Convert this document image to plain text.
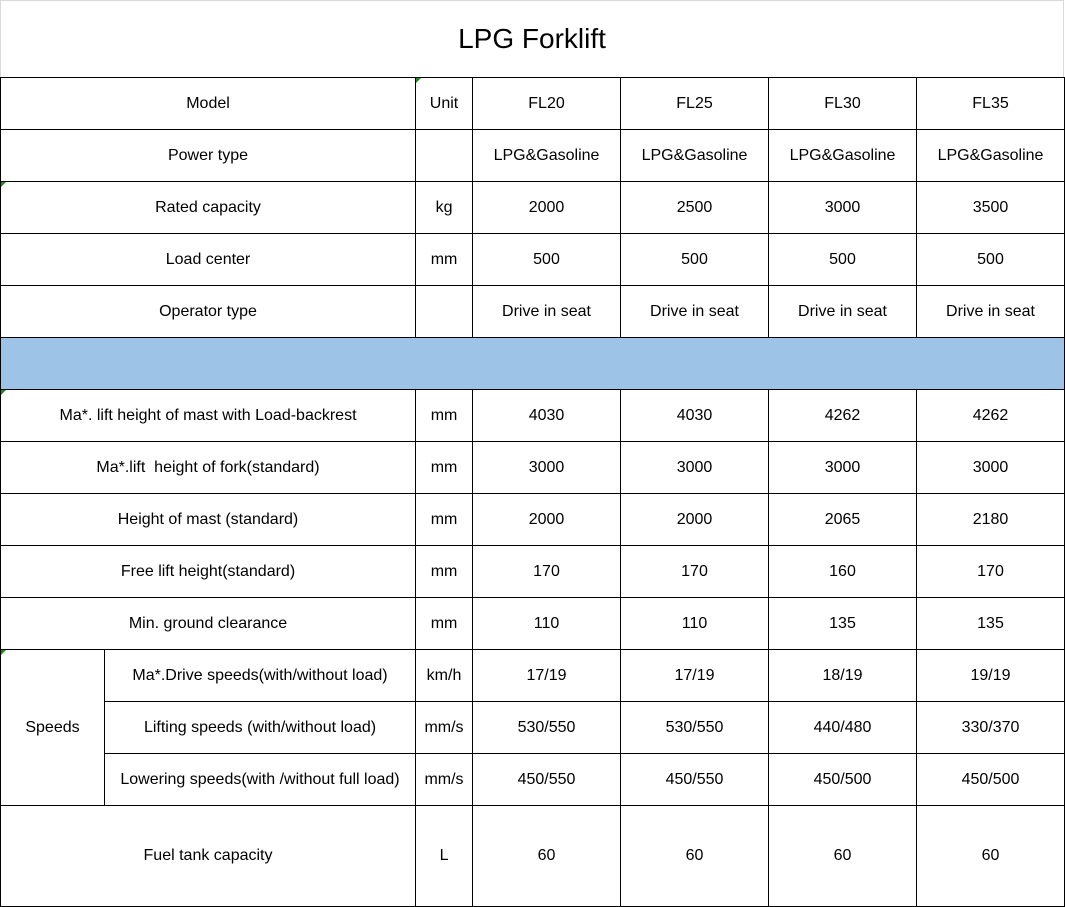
LPG Forklift
Model		Unit	FL20	FL25	FL30	FL35
Power type			LPG&Gasoline	LPG&Gasoline	LPG&Gasoline	LPG&Gasoline
Rated capacity		kg	2000	2500	3000	3500
Load center		mm	500	500	500	500
Operator type			Drive in seat	Drive in seat	Drive in seat	Drive in seat

Ma*. lift height of mast with Load-backrest		mm	4030	4030	4262	4262
Ma*.lift  height of fork(standard)		mm	3000	3000	3000	3000
Height of mast (standard)		mm	2000	2000	2065	2180
Free lift height(standard)		mm	170	170	160	170
Min. ground clearance		mm	110	110	135	135
Speeds	Ma*.Drive speeds(with/without load)	km/h	17/19	17/19	18/19	19/19
	Lifting speeds (with/without load)	mm/s	530/550	530/550	440/480	330/370
	Lowering speeds(with /without full load)	mm/s	450/550	450/550	450/500	450/500
Fuel tank capacity		L	60	60	60	60
